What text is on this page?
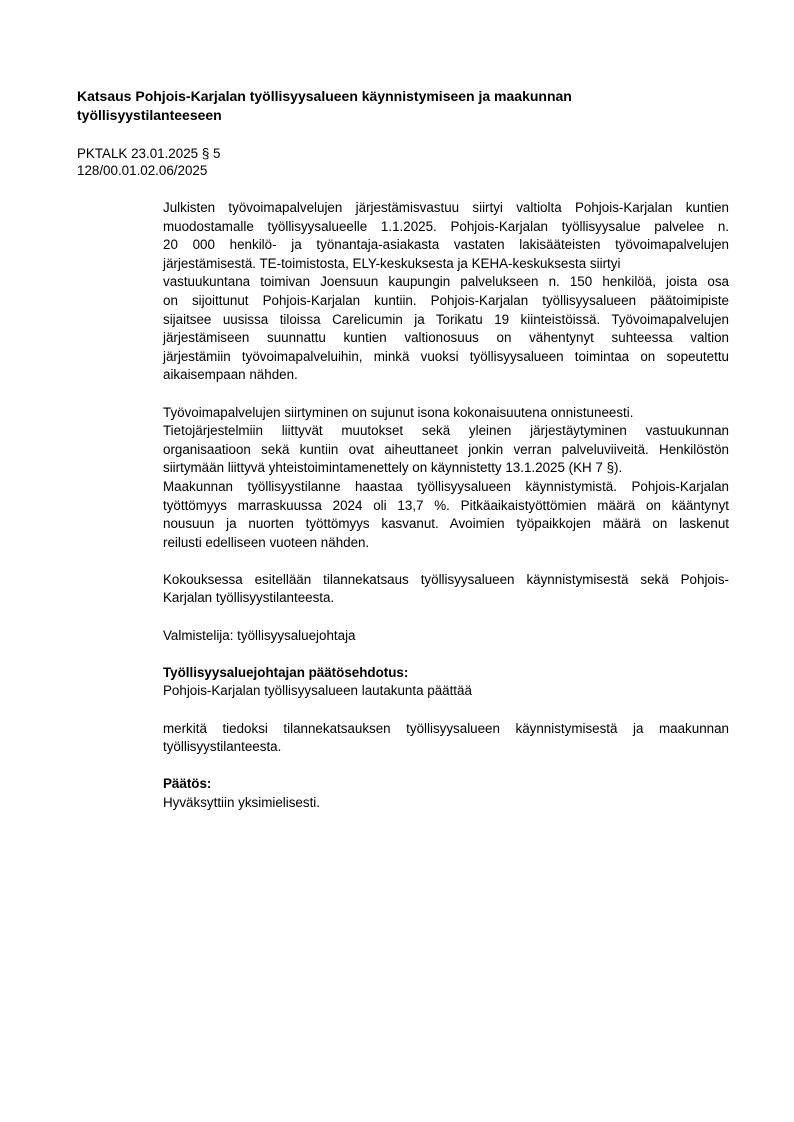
Katsaus Pohjois-Karjalan työllisyysalueen käynnistymiseen ja maakunnan työllisyystilanteeseen
PKTALK 23.01.2025 § 5
128/00.01.02.06/2025

Julkisten työvoimapalvelujen järjestämisvastuu siirtyi valtiolta Pohjois-Karjalan kuntien
muodostamalle työllisyysalueelle 1.1.2025. Pohjois-Karjalan työllisyysalue palvelee n.
20 000 henkilö- ja työnantaja-asiakasta vastaten lakisääteisten työvoimapalvelujen
järjestämisestä. TE-toimistosta, ELY-keskuksesta ja KEHA-keskuksesta siirtyi
vastuukuntana toimivan Joensuun kaupungin palvelukseen n. 150 henkilöä, joista osa
on sijoittunut Pohjois-Karjalan kuntiin. Pohjois-Karjalan työllisyysalueen päätoimipiste
sijaitsee uusissa tiloissa Carelicumin ja Torikatu 19 kiinteistöissä. Työvoimapalvelujen
järjestämiseen suunnattu kuntien valtionosuus on vähentynyt suhteessa valtion
järjestämiin työvoimapalveluihin, minkä vuoksi työllisyysalueen toimintaa on sopeutettu
aikaisempaan nähden.

Työvoimapalvelujen siirtyminen on sujunut isona kokonaisuutena onnistuneesti.
Tietojärjestelmiin liittyvät muutokset sekä yleinen järjestäytyminen vastuukunnan
organisaatioon sekä kuntiin ovat aiheuttaneet jonkin verran palveluviiveitä. Henkilöstön
siirtymään liittyvä yhteistoimintamenettely on käynnistetty 13.1.2025 (KH 7 §).
Maakunnan työllisyystilanne haastaa työllisyysalueen käynnistymistä. Pohjois-Karjalan
työttömyys marraskuussa 2024 oli 13,7 %. Pitkäaikaistyöttömien määrä on kääntynyt
nousuun ja nuorten työttömyys kasvanut. Avoimien työpaikkojen määrä on laskenut
reilusti edelliseen vuoteen nähden.

Kokouksessa esitellään tilannekatsaus työllisyysalueen käynnistymisestä sekä Pohjois-
Karjalan työllisyystilanteesta.

Valmistelija: työllisyysaluejohtaja

Työllisyysaluejohtajan päätösehdotus:
Pohjois-Karjalan työllisyysalueen lautakunta päättää

merkitä tiedoksi tilannekatsauksen työllisyysalueen käynnistymisestä ja maakunnan
työllisyystilanteesta.

Päätös:
Hyväksyttiin yksimielisesti.
